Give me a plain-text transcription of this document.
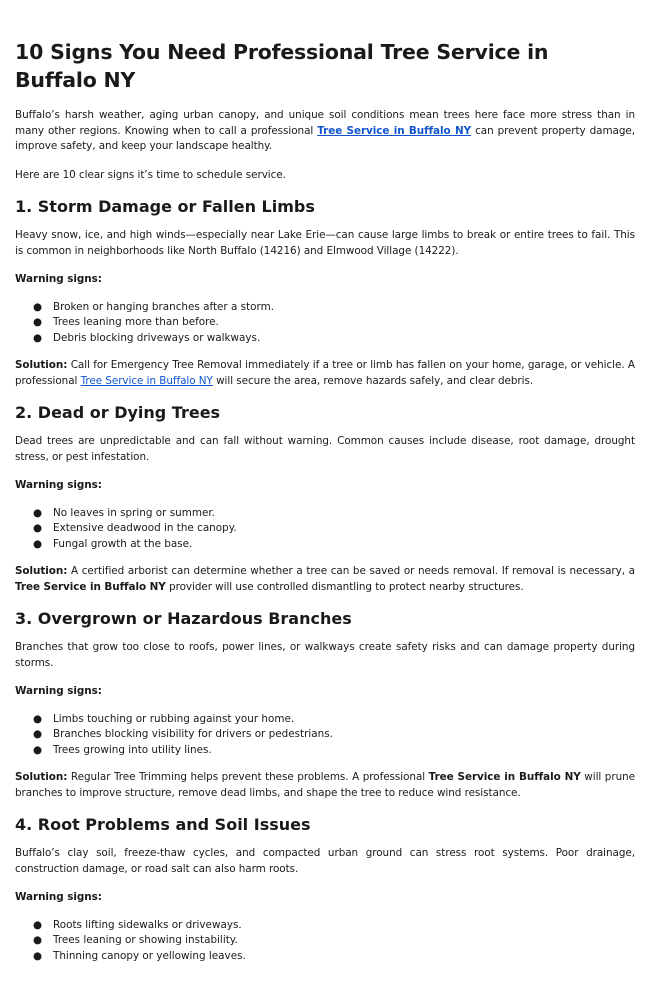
10 Signs You Need Professional Tree Service in Buffalo NY

Buffalo’s harsh weather, aging urban canopy, and unique soil conditions mean trees here face more stress than in many other regions. Knowing when to call a professional Tree Service in Buffalo NY can prevent property damage, improve safety, and keep your landscape healthy.

Here are 10 clear signs it’s time to schedule service.

1. Storm Damage or Fallen Limbs

Heavy snow, ice, and high winds—especially near Lake Erie—can cause large limbs to break or entire trees to fail. This is common in neighborhoods like North Buffalo (14216) and Elmwood Village (14222).

Warning signs:

● Broken or hanging branches after a storm.
● Trees leaning more than before.
● Debris blocking driveways or walkways.

Solution: Call for Emergency Tree Removal immediately if a tree or limb has fallen on your home, garage, or vehicle. A professional Tree Service in Buffalo NY will secure the area, remove hazards safely, and clear debris.

2. Dead or Dying Trees

Dead trees are unpredictable and can fall without warning. Common causes include disease, root damage, drought stress, or pest infestation.

Warning signs:

● No leaves in spring or summer.
● Extensive deadwood in the canopy.
● Fungal growth at the base.

Solution: A certified arborist can determine whether a tree can be saved or needs removal. If removal is necessary, a Tree Service in Buffalo NY provider will use controlled dismantling to protect nearby structures.

3. Overgrown or Hazardous Branches

Branches that grow too close to roofs, power lines, or walkways create safety risks and can damage property during storms.

Warning signs:

● Limbs touching or rubbing against your home.
● Branches blocking visibility for drivers or pedestrians.
● Trees growing into utility lines.

Solution: Regular Tree Trimming helps prevent these problems. A professional Tree Service in Buffalo NY will prune branches to improve structure, remove dead limbs, and shape the tree to reduce wind resistance.

4. Root Problems and Soil Issues

Buffalo’s clay soil, freeze-thaw cycles, and compacted urban ground can stress root systems. Poor drainage, construction damage, or road salt can also harm roots.

Warning signs:

● Roots lifting sidewalks or driveways.
● Trees leaning or showing instability.
● Thinning canopy or yellowing leaves.
